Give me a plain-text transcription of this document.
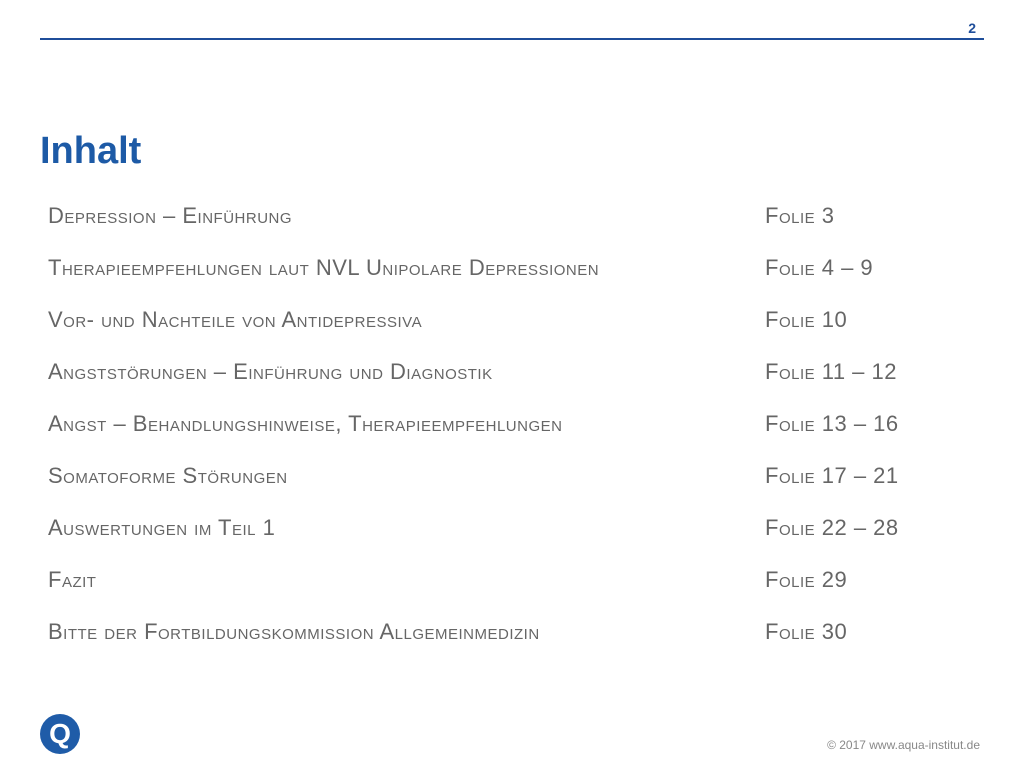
2
Inhalt
Depression – Einführung	Folie 3
Therapieempfehlungen laut NVL Unipolare Depressionen	Folie 4 – 9
Vor- und Nachteile von Antidepressiva	Folie 10
Angststörungen – Einführung und Diagnostik	Folie 11 – 12
Angst – Behandlungshinweise, Therapieempfehlungen	Folie 13 – 16
Somatoforme Störungen	Folie 17 – 21
Auswertungen im Teil 1	Folie 22 – 28
Fazit	Folie 29
Bitte der Fortbildungskommission Allgemeinmedizin	Folie 30
Q	© 2017 www.aqua-institut.de
